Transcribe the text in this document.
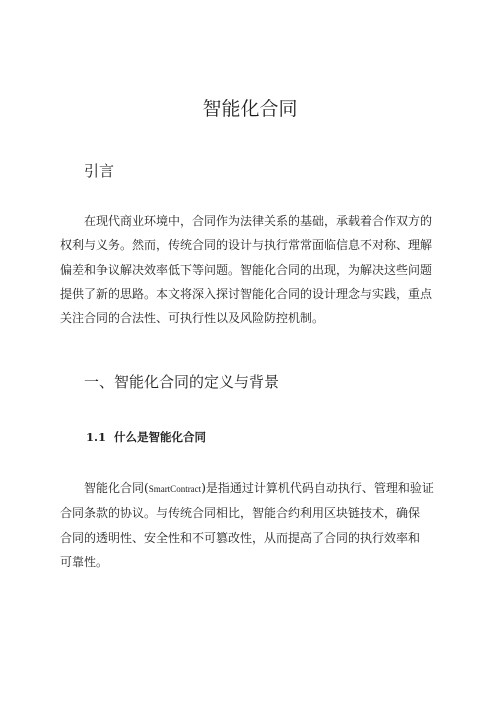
智能化合同
引言

在现代商业环境中，合同作为法律关系的基础，承载着合作双方的
权利与义务。然而，传统合同的设计与执行常常面临信息不对称、理解
偏差和争议解决效率低下等问题。智能化合同的出现，为解决这些问题
提供了新的思路。本文将深入探讨智能化合同的设计理念与实践，重点
关注合同的合法性、可执行性以及风险防控机制。

一、智能化合同的定义与背景
1.1 什么是智能化合同

智能化合同(SmartContract)是指通过计算机代码自动执行、管理和验证
合同条款的协议。与传统合同相比，智能合约利用区块链技术，确保
合同的透明性、安全性和不可篡改性，从而提高了合同的执行效率和
可靠性。
